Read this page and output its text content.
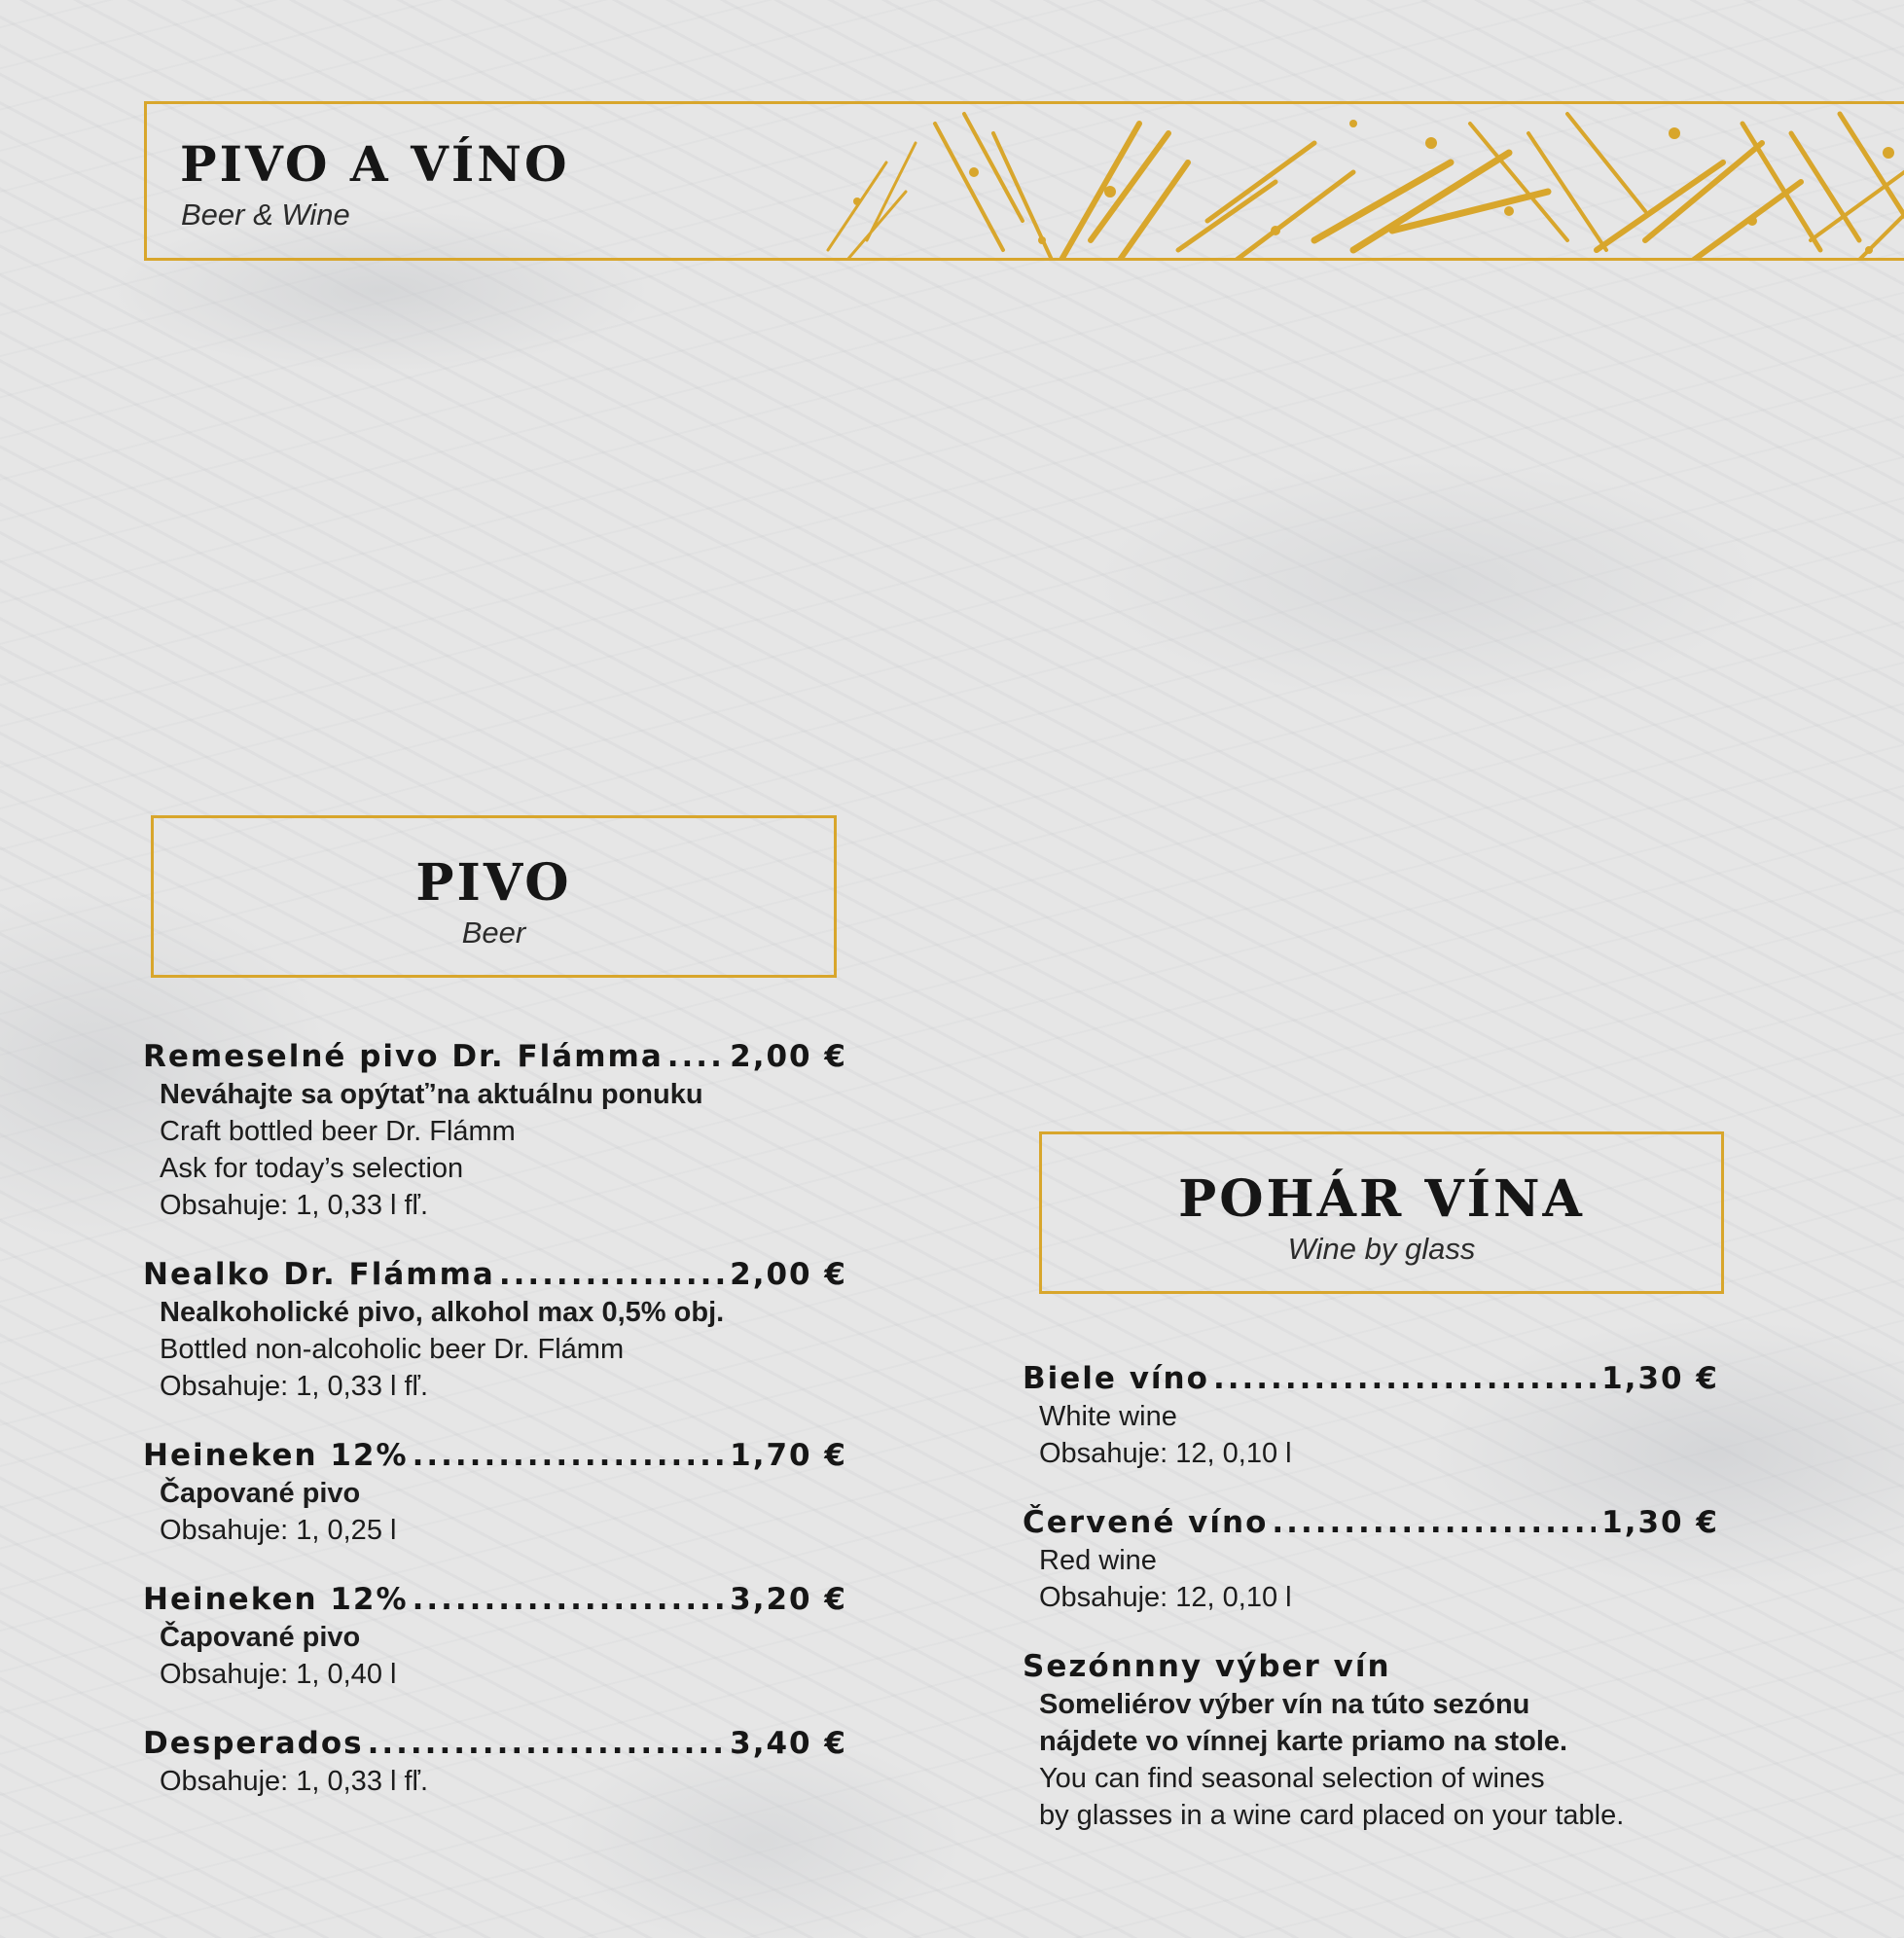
PIVO A VÍNO
Beer & Wine
PIVO
Beer
Remeselné pivo Dr. Flámma ..... 2,00 €
Neváhajte sa opýtať’na aktuálnu ponuku
Craft bottled beer Dr. Flámm
Ask for today’s selection
Obsahuje: 1, 0,33 l fľ.
Nealko Dr. Flámma .....	2,00 €
Nealkoholické pivo, alkohol max 0,5% obj.
Bottled non-alcoholic beer Dr. Flámm
Obsahuje: 1, 0,33 l fľ.
Heineken 12% .....	1,70 €
Čapované pivo
Obsahuje: 1, 0,25 l
Heineken 12% .....	3,20 €
Čapované pivo
Obsahuje: 1, 0,40 l
Desperados .....	3,40 €
Obsahuje: 1, 0,33 l fľ.
POHÁR VÍNA
Wine by glass
Biele víno .....	1,30 €
White wine
Obsahuje: 12, 0,10 l
Červené víno .....	1,30 €
Red wine
Obsahuje: 12, 0,10 l
Sezónnny výber vín
Someliérov výber vín na túto sezónu
nájdete vo vínnej karte priamo na stole.
You can find seasonal selection of wines
by glasses in a wine card placed on your table.
